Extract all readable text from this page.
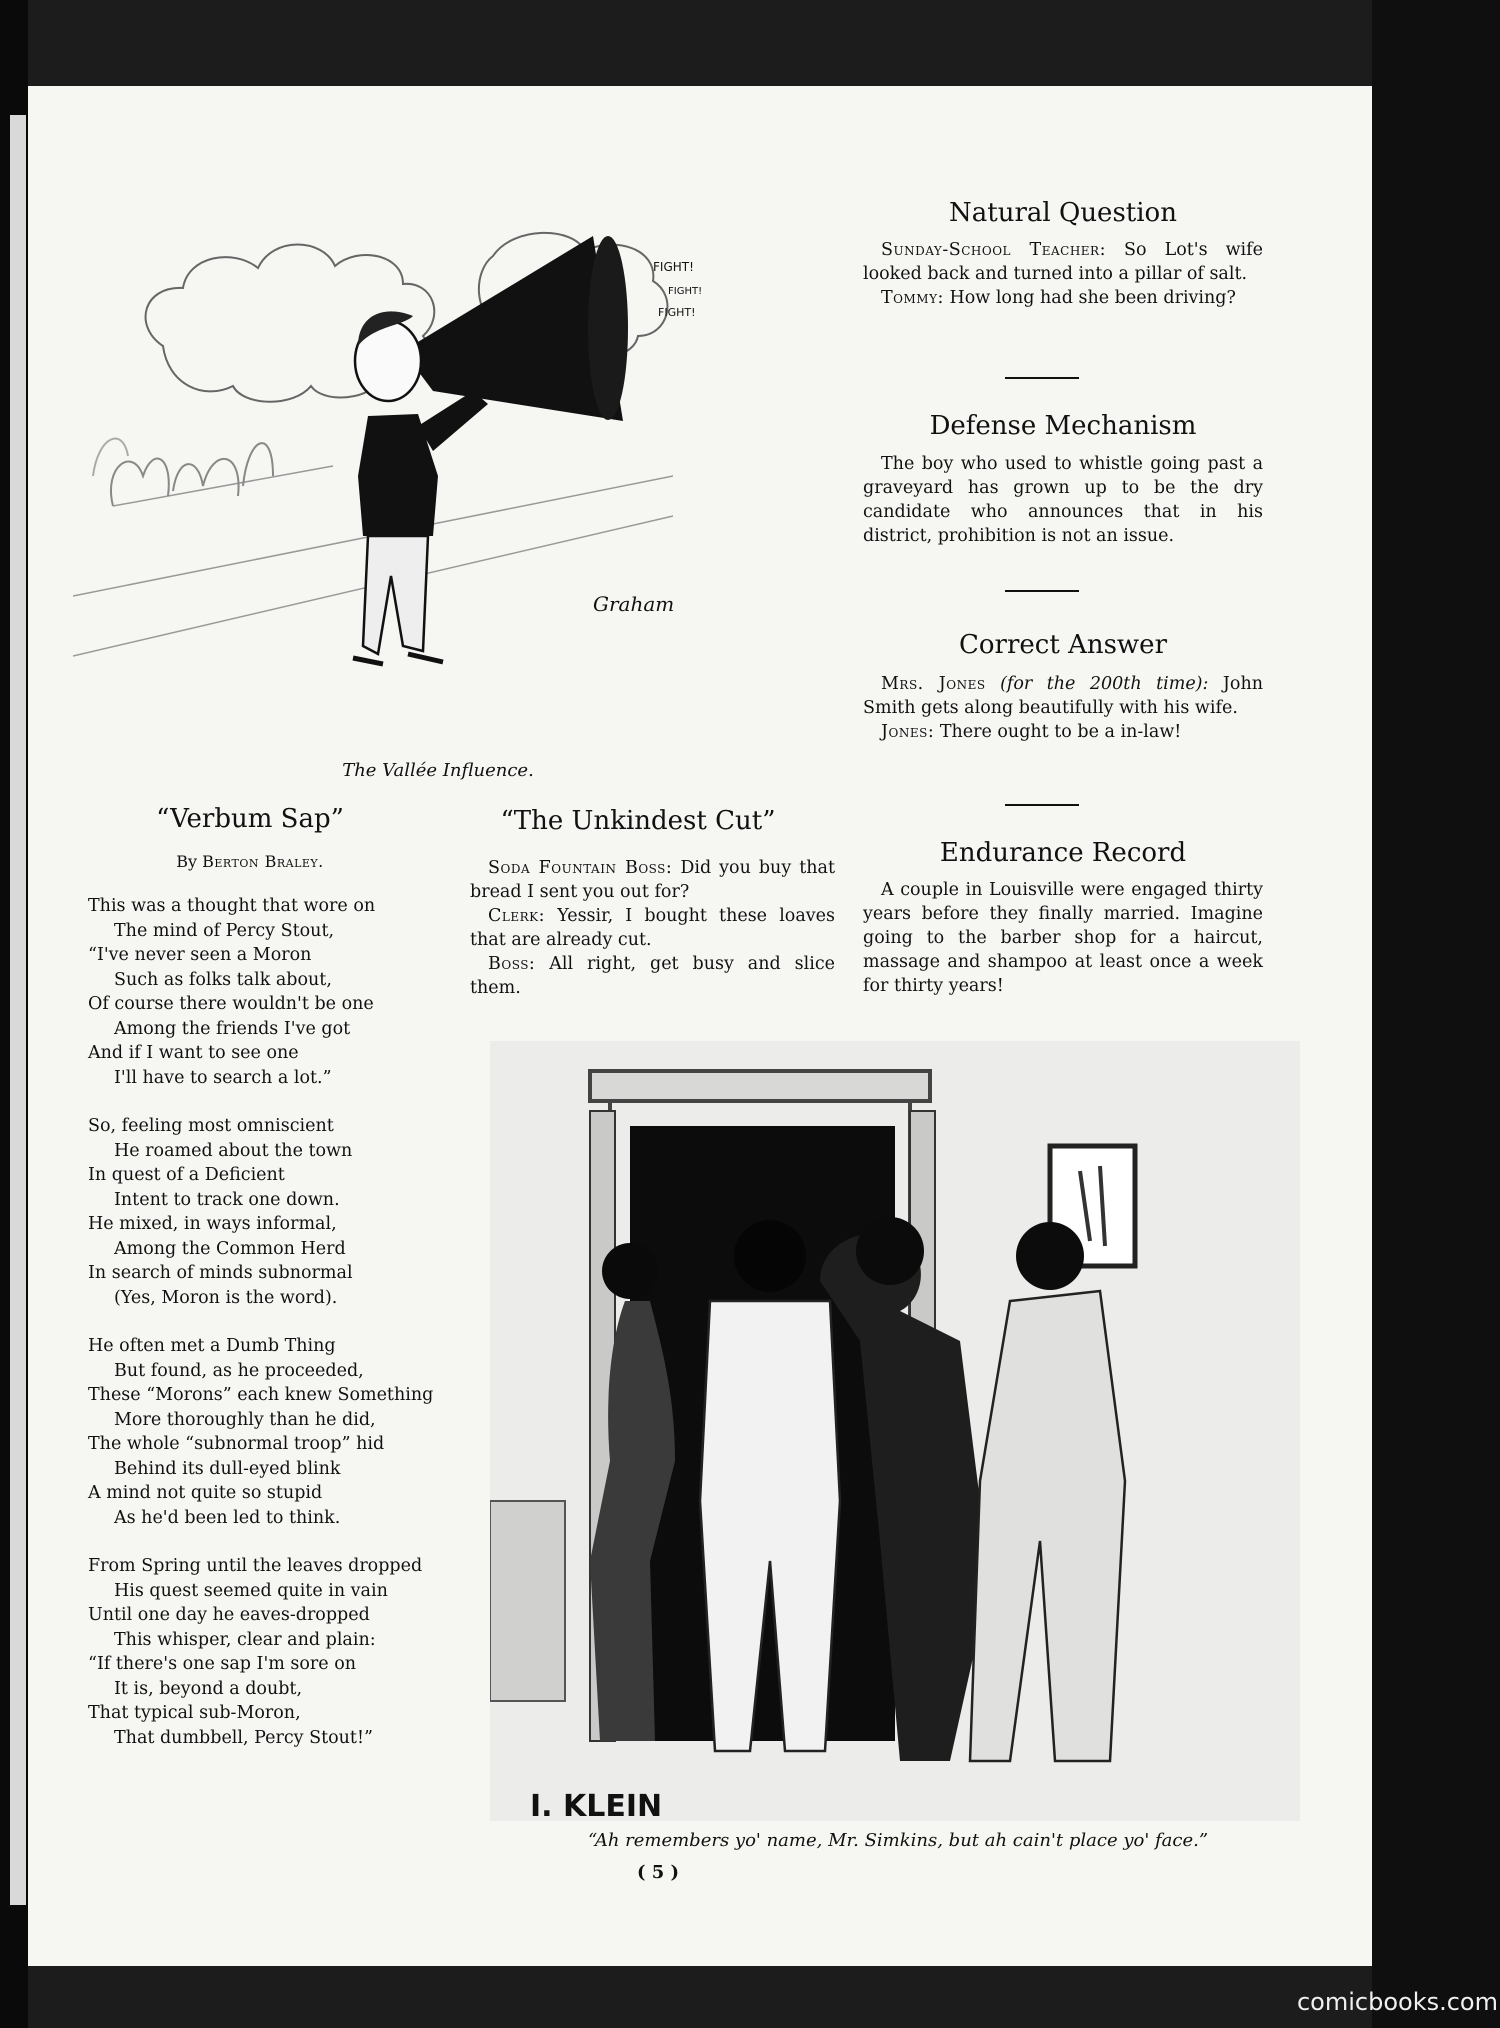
FIGHT!
FIGHT!
FIGHT!
Graham
The Vallée Influence.
Natural Question

Sunday-School Teacher: So Lot's wife looked back and turned into a pillar of salt.

Tommy: How long had she been driving?

Defense Mechanism

The boy who used to whistle going past a graveyard has grown up to be the dry candidate who announces that in his district, prohibition is not an issue.

Correct Answer

Mrs. Jones (for the 200th time): John Smith gets along beautifully with his wife.

Jones: There ought to be a in-law!

Endurance Record

A couple in Louisville were engaged thirty years before they finally married. Imagine going to the barber shop for a haircut, massage and shampoo at least once a week for thirty years!

“Verbum Sap”
By Berton Braley.
This was a thought that wore on
The mind of Percy Stout,
“I've never seen a Moron
Such as folks talk about,
Of course there wouldn't be one
Among the friends I've got
And if I want to see one
I'll have to search a lot.”
So, feeling most omniscient
He roamed about the town
In quest of a Deficient
Intent to track one down.
He mixed, in ways informal,
Among the Common Herd
In search of minds subnormal
(Yes, Moron is the word).
He often met a Dumb Thing
But found, as he proceeded,
These “Morons” each knew Something
More thoroughly than he did,
The whole “subnormal troop” hid
Behind its dull-eyed blink
A mind not quite so stupid
As he'd been led to think.
From Spring until the leaves dropped
His quest seemed quite in vain
Until one day he eaves-dropped
This whisper, clear and plain:
“If there's one sap I'm sore on
It is, beyond a doubt,
That typical sub-Moron,
That dumbbell, Percy Stout!”
“The Unkindest Cut”

Soda Fountain Boss: Did you buy that bread I sent you out for?

Clerk: Yessir, I bought these loaves that are already cut.

Boss: All right, get busy and slice them.

I. KLEIN
“Ah remembers yo' name, Mr. Simkins, but ah cain't place yo' face.”
( 5 )
comicbooks.com
